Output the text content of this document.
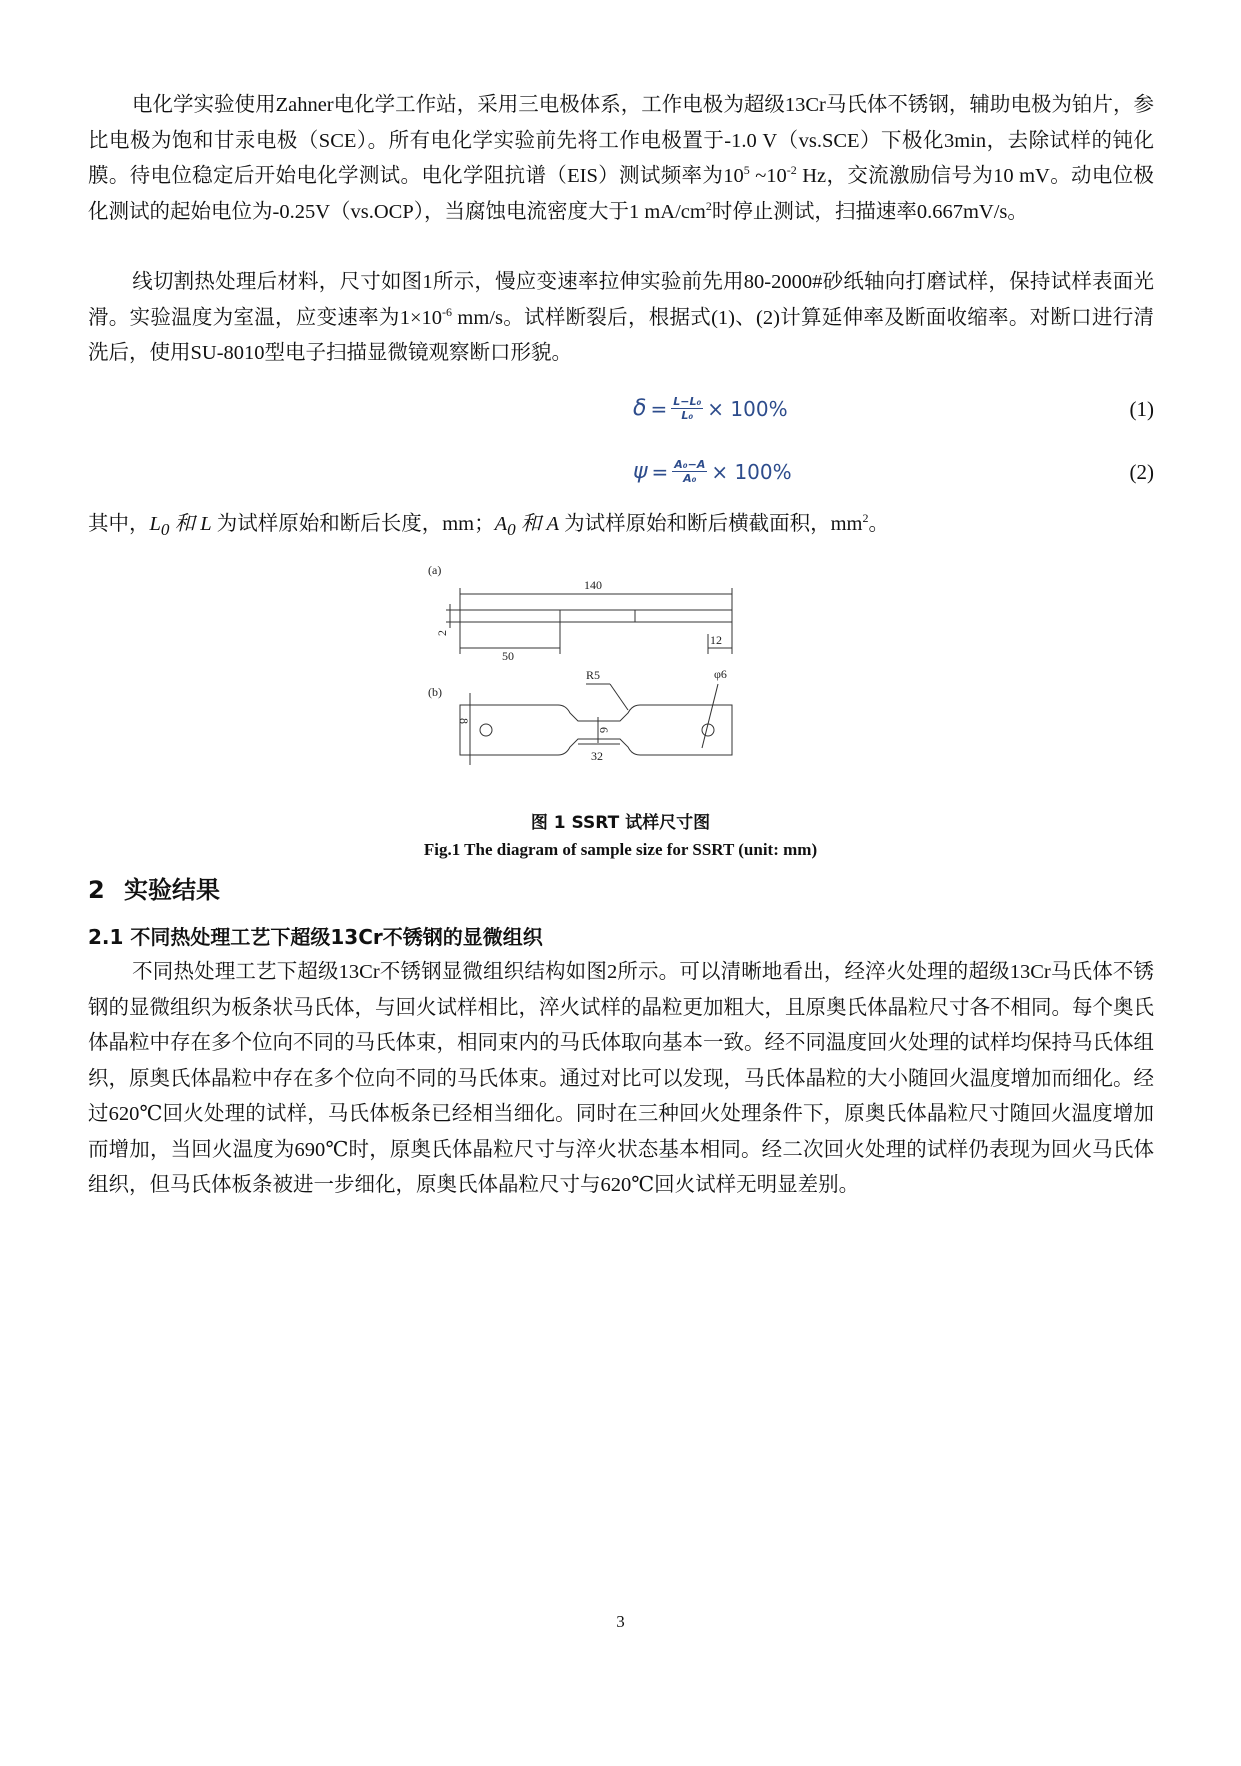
电化学实验使用Zahner电化学工作站，采用三电极体系，工作电极为超级13Cr马氏体不锈钢，辅助电极为铂片，参比电极为饱和甘汞电极（SCE）。所有电化学实验前先将工作电极置于-1.0 V（vs.SCE）下极化3min，去除试样的钝化膜。待电位稳定后开始电化学测试。电化学阻抗谱（EIS）测试频率为$10^5$ $\sim 10^{-2}$ Hz，交流激励信号为10 mV。动电位极化测试的起始电位为-0.25V（vs.OCP），当腐蚀电流密度大于1 $mA/cm^2$时停止测试，扫描速率0.667mV/s。

线切割热处理后材料，尺寸如图1所示，慢应变速率拉伸实验前先用80-2000#砂纸轴向打磨试样，保持试样表面光滑。实验温度为室温，应变速率为$1\times 10^{-6}$ mm/s。试样断裂后，根据式(1)、(2)计算延伸率及断面收缩率。对断口进行清洗后，使用SU-8010型电子扫描显微镜观察断口形貌。

$\delta = \frac{\text{L−L₀}}{\text{L₀}} \times 100\%$	(1)
$\psi = \frac{\text{A₀−A}}{\text{A₀}} \times 100\%$	(2)

其中，$L_0$ 和 L 为试样原始和断后长度，mm；$A_0$ 和 A 为试样原始和断后横截面积，$mm^2$。

(a)
140
2
50
12
(b)
R5	φ6
8
6
32

图 1 SSRT 试样尺寸图

Fig.1 The diagram of sample size for SSRT (unit: mm)

2 实验结果
2.1 不同热处理工艺下超级13Cr不锈钢的显微组织

不同热处理工艺下超级13Cr不锈钢显微组织结构如图2所示。可以清晰地看出，经淬火处理的超级13Cr马氏体不锈钢的显微组织为板条状马氏体，与回火试样相比，淬火试样的晶粒更加粗大，且原奥氏体晶粒尺寸各不相同。每个奥氏体晶粒中存在多个位向不同的马氏体束，相同束内的马氏体取向基本一致。经不同温度回火处理的试样均保持马氏体组织，原奥氏体晶粒中存在多个位向不同的马氏体束。通过对比可以发现，马氏体晶粒的大小随回火温度增加而细化。经过620℃回火处理的试样，马氏体板条已经相当细化。同时在三种回火处理条件下，原奥氏体晶粒尺寸随回火温度增加而增加，当回火温度为690℃时，原奥氏体晶粒尺寸与淬火状态基本相同。经二次回火处理的试样仍表现为回火马氏体组织，但马氏体板条被进一步细化，原奥氏体晶粒尺寸与620℃回火试样无明显差别。

3
